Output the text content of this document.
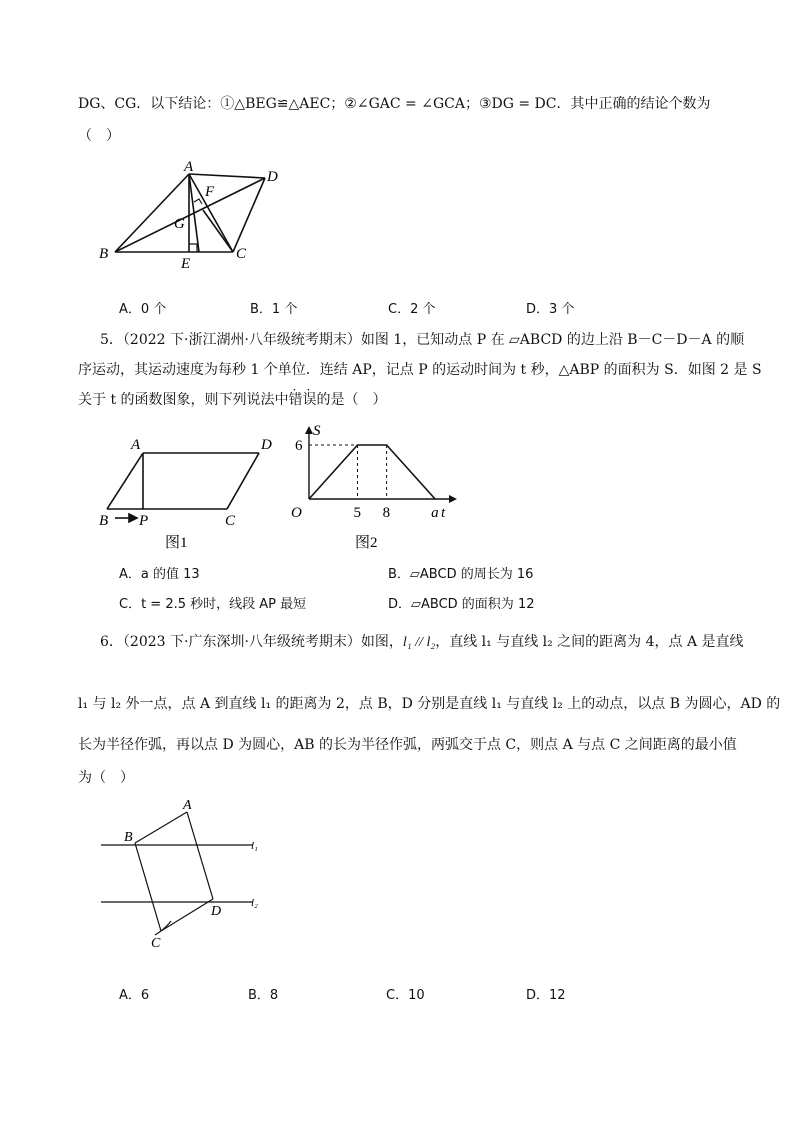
DG、CG．以下结论：①△BEG≌△AEC；②∠GAC = ∠GCA；③DG = DC．其中正确的结论个数为
（　）
A
D
F
G
B
E
C
A．0 个	B．1 个	C．2 个	D．3 个
5．（2022 下·浙江湖州·八年级统考期末）如图 1，已知动点 P 在 ▱ABCD 的边上沿 B－C－D－A 的顺
序运动，其运动速度为每秒 1 个单位．连结 AP，记点 P 的运动时间为 t 秒，△ABP 的面积为 S．如图 2 是 S
关于 t 的函数图象，则下列说法中错误的是（　）
A	D
B P	C
图1
S
t
O
图2
5 8	a
6
A．a 的值 13	B．▱ABCD 的周长为 16
C．t = 2.5 秒时，线段 AP 最短	D．▱ABCD 的面积为 12
6．（2023 下·广东深圳·八年级统考期末）如图，l₁ // l₂，直线 l₁ 与直线 l₂ 之间的距离为 4，点 A 是直线
l₁ 与 l₂ 外一点，点 A 到直线 l₁ 的距离为 2，点 B，D 分别是直线 l₁ 与直线 l₂ 上的动点，以点 B 为圆心，AD 的
长为半径作弧，再以点 D 为圆心，AB 的长为半径作弧，两弧交于点 C，则点 A 与点 C 之间距离的最小值
为（　）
A
B
l₁
l₂
D
C
A．6	B．8	C．10	D．12
